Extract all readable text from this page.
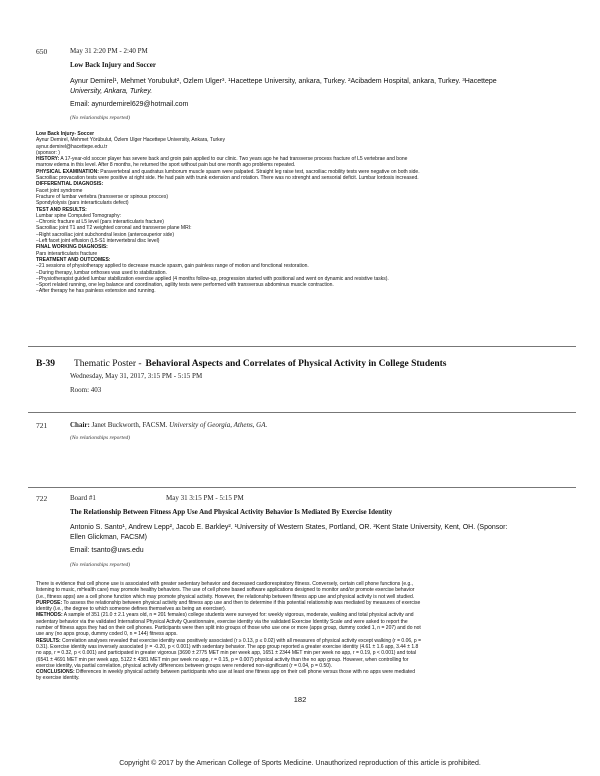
650	May 31 2:20 PM - 2:40 PM
Low Back Injury and Soccer
Aynur Demirel¹, Mehmet Yorubulut², Ozlem Ulger³. ¹Hacettepe University, ankara, Turkey. ²Acibadem Hospital, ankara, Turkey. ³Hacettepe
University, Ankara, Turkey.
Email: aynurdemirel629@hotmail.com
(No relationships reported)

Low Back Injury- Soccer

Aynur Demirel, Mehmet Yörübulut, Özlem Ulger Hacettepe University, Ankara, Turkey

aynur.demirel@hacettepe.edu.tr

(sponsor: )

HISTORY: A 17-year-old soccer player has severe back and groin pain applied to our clinic. Two years ago he had transverse process fracture of L5 vertebrae and bone

marrow edema in this level. After 8 months, he returned the sport without pain but one month ago problems repeated.

PHYSICAL EXAMINATION: Paravertebral and quadratus lumborum muscle spasm were palpated. Straight leg raise test, sacroiliac mobility tests were negative on both side.

Sacroiliac provacation tests were positive at right side. He had pain with trunk extension and rotation. There was no strenght and sensorial deficit. Lumbar lordosis increased.

DIFFERENTIAL DIAGNOSIS:

Facet joint syndrome

Fracture of lumbar vertebra (transverse or spinous procces)

Spondylolysis (pars interarticularis defect)

TEST AND RESULTS:

Lumbar spine Computed Tomography:

−Chronic fracture at L5 level (pars interarticularis fracture)

Sacroiliac joint T1 and T2 weighted coronal and transverse plane MRI:

−Right sacroiliac joint subchondral lesion (anterosuperior side)

−Left facet joint effusion (L5-S1 intervertebral disc level)

FINAL WORKING DIAGNOSIS:

Pars interarticularis fracture

TREATMENT AND OUTCOMES:

−21 sessions of physiotherapy applied to decrease muscle spasm, gain painless range of motion and fonctional restoration.

−During therapy, lumbar orthoses was used to stabilization.

−Physiotherapist guided lumbar stabilization exercise applied (4 months follow-up, progression started with positional and went on dynamic and resistive tasks).

−Sport related running, one leg balance and coordination, agility tests were performed with transversus abdominus muscle contraction.

−After therapy he has painless extension and running.

B-39 Thematic Poster - Behavioral Aspects and Correlates of Physical Activity in College Students
Wednesday, May 31, 2017, 3:15 PM - 5:15 PM
Room: 403
721	Chair: Janet Buckworth, FACSM. University of Georgia, Athens, GA.
(No relationships reported)
722	Board #1	May 31 3:15 PM - 5:15 PM
The Relationship Between Fitness App Use And Physical Activity Behavior Is Mediated By Exercise Identity
Antonio S. Santo¹, Andrew Lepp², Jacob E. Barkley². ¹University of Western States, Portland, OR. ²Kent State University, Kent, OH. (Sponsor:
Ellen Glickman, FACSM)
Email: tsanto@uws.edu
(No relationships reported)

There is evidence that cell phone use is associated with greater sedentary behavior and decreased cardiorespiratory fitness. Conversely, certain cell phone functions (e.g.,

listening to music, mHealth care) may promote healthy behaviors. The use of cell phone based software applications designed to monitor and/or promote exercise behavior

(i.e., fitness apps) are a cell phone function which may promote physical activity. However, the relationship between fitness app use and physical activity is not well studied.

PURPOSE: To assess the relationship between physical activity and fitness app use and then to determine if this potential relationship was mediated by measures of exercise

identity (i.e., the degree to which someone defines themselves as being an exerciser).

METHODS: A sample of 351 (21.0 ± 2.1 years old, n = 201 females) college students were surveyed for: weekly vigorous, moderate, walking and total physical activity and

sedentary behavior via the validated International Physical Activity Questionnaire, exercise identity via the validated Exercise Identity Scale and were asked to report the

number of fitness apps they had on their cell phones. Participants were then split into groups of those who use one or more (apps group, dummy coded 1, n = 207) and do not

use any (no apps group, dummy coded 0, n = 144) fitness apps.

RESULTS: Correlation analyses revealed that exercise identity was positively associated (r ≥ 0.13, p ≤ 0.02) with all measures of physical activity except walking (r = 0.06, p =

0.31). Exercise identity was inversely associated (r = -0.20, p < 0.001) with sedentary behavior. The app group reported a greater exercise identity (4.61 ± 1.6 app, 3.44 ± 1.8

no app, r = 0.32, p < 0.001) and participated in greater vigorous (3690 ± 2775 MET min per week app, 1651 ± 2344 MET min per week no app, r = 0.19, p < 0.001) and total

(6541 ± 4691 MET min per week app, 5122 ± 4381 MET min per week no app, r = 0.15, p = 0.007) physical activity than the no app group. However, when controlling for

exercise identity, via partial correlation, physical activity differences between groups were rendered non-significant (r = 0.04, p = 0.50).

CONCLUSIONS: Differences in weekly physical activity between participants who use at least one fitness app on their cell phone versus those with no apps were mediated

by exercise identity.

182
Copyright © 2017 by the American College of Sports Medicine. Unauthorized reproduction of this article is prohibited.
